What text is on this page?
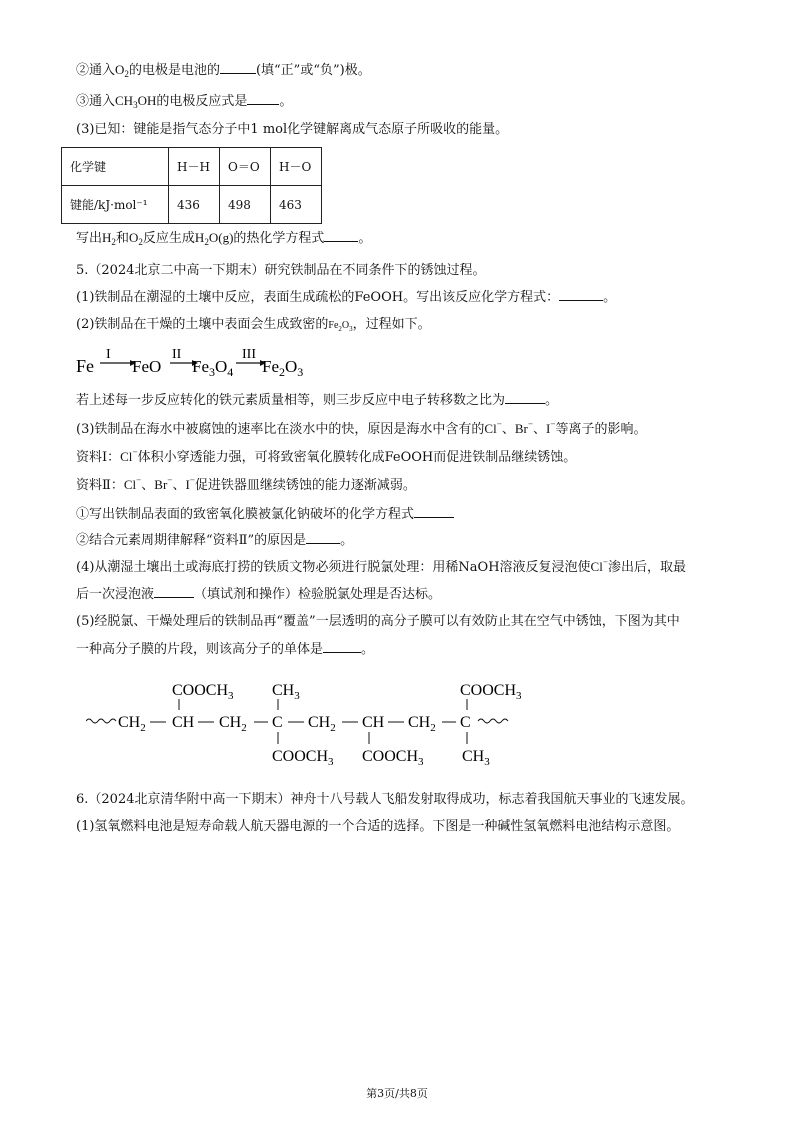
②通入$O_2$的电极是电池的	(填“正”或“负”)极。
③通入$CH_3OH$的电极反应式是 。
(3)已知：键能是指气态分子中1 mol化学键解离成气态原子所吸收的能量。
化学键	H－H	O＝O	H－O
键能/kJ·mol⁻¹	436	498	463
写出$H_2$和$O_2$反应生成$H_2O(g)$的热化学方程式	。
5.（2024北京二中高一下期末）研究铁制品在不同条件下的锈蚀过程。
(1)铁制品在潮湿的土壤中反应，表面生成疏松的FeOOH。写出该反应化学方程式：	。
(2)铁制品在干燥的土壤中表面会生成致密的$Fe_2O_3$，过程如下。
Fe
I
FeO
II
$Fe_3O_4$
III
$Fe_2O_3$
若上述每一步反应转化的铁元素质量相等，则三步反应中电子转移数之比为	。
(3)铁制品在海水中被腐蚀的速率比在淡水中的快，原因是海水中含有的Cl−、Br−、I−等离子的影响。
资料Ⅰ：Cl−体积小穿透能力强，可将致密氧化膜转化成FeOOH而促进铁制品继续锈蚀。
资料Ⅱ：Cl−、Br−、I−促进铁器皿继续锈蚀的能力逐渐减弱。
①写出铁制品表面的致密氧化膜被氯化钠破坏的化学方程式
②结合元素周期律解释“资料Ⅱ”的原因是	。
(4)从潮湿土壤出土或海底打捞的铁质文物必须进行脱氯处理：用稀NaOH溶液反复浸泡使Cl−渗出后，取最
后一次浸泡液	（填试剂和操作）检验脱氯处理是否达标。
(5)经脱氯、干燥处理后的铁制品再“覆盖”一层透明的高分子膜可以有效防止其在空气中锈蚀，下图为其中
一种高分子膜的片段，则该高分子的单体是	。
$CH_2$ CH $CH_2$ C $CH_2$ CH $CH_2$ C
$COOCH_3$ $CH_3$	$COOCH_3$
$COOCH_3$ $COOCH_3$ $CH_3$
6.（2024北京清华附中高一下期末）神舟十八号载人飞船发射取得成功，标志着我国航天事业的飞速发展。
(1)氢氧燃料电池是短寿命载人航天器电源的一个合适的选择。下图是一种碱性氢氧燃料电池结构示意图。
第3页/共8页
